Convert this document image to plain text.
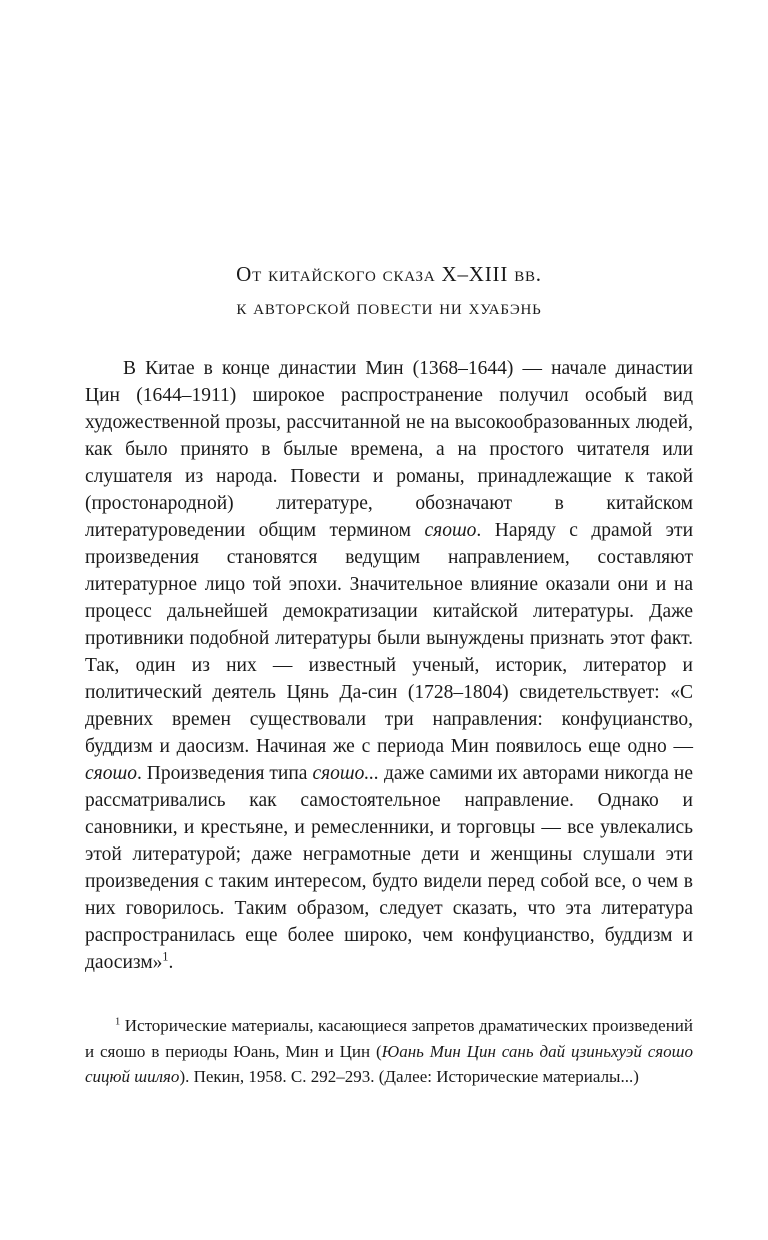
От китайского сказа X–XIII вв.
к авторской повести ни хуабэнь

В Китае в конце династии Мин (1368–1644) — начале династии Цин (1644–1911) широкое распространение получил особый вид художественной прозы, рассчитанной не на высокообразованных людей, как было принято в былые времена, а на простого читателя или слушателя из народа. Повести и романы, принадлежащие к такой (простонародной) литературе, обозначают в китайском литературоведении общим термином сяошо. Наряду с драмой эти произведения становятся ведущим направлением, составляют литературное лицо той эпохи. Значительное влияние оказали они и на процесс дальнейшей демократизации китайской литературы. Даже противники подобной литературы были вынуждены признать этот факт. Так, один из них — известный ученый, историк, литератор и политический деятель Цянь Да-син (1728–1804) свидетельствует: «С древних времен существовали три направления: конфуцианство, буддизм и даосизм. Начиная же с периода Мин появилось еще одно — сяошо. Произведения типа сяошо... даже самими их авторами никогда не рассматривались как самостоятельное направление. Однако и сановники, и крестьяне, и ремесленники, и торговцы — все увлекались этой литературой; даже неграмотные дети и женщины слушали эти произведения с таким интересом, будто видели перед собой все, о чем в них говорилось. Таким образом, следует сказать, что эта литература распространилась еще более широко, чем конфуцианство, буддизм и даосизм»$^1$.

$^1$ Исторические материалы, касающиеся запретов драматических произведений и сяошо в периоды Юань, Мин и Цин (Юань Мин Цин сань дай цзиньхуэй сяошо сицюй шиляо). Пекин, 1958. С. 292–293. (Далее: Исторические материалы...)
